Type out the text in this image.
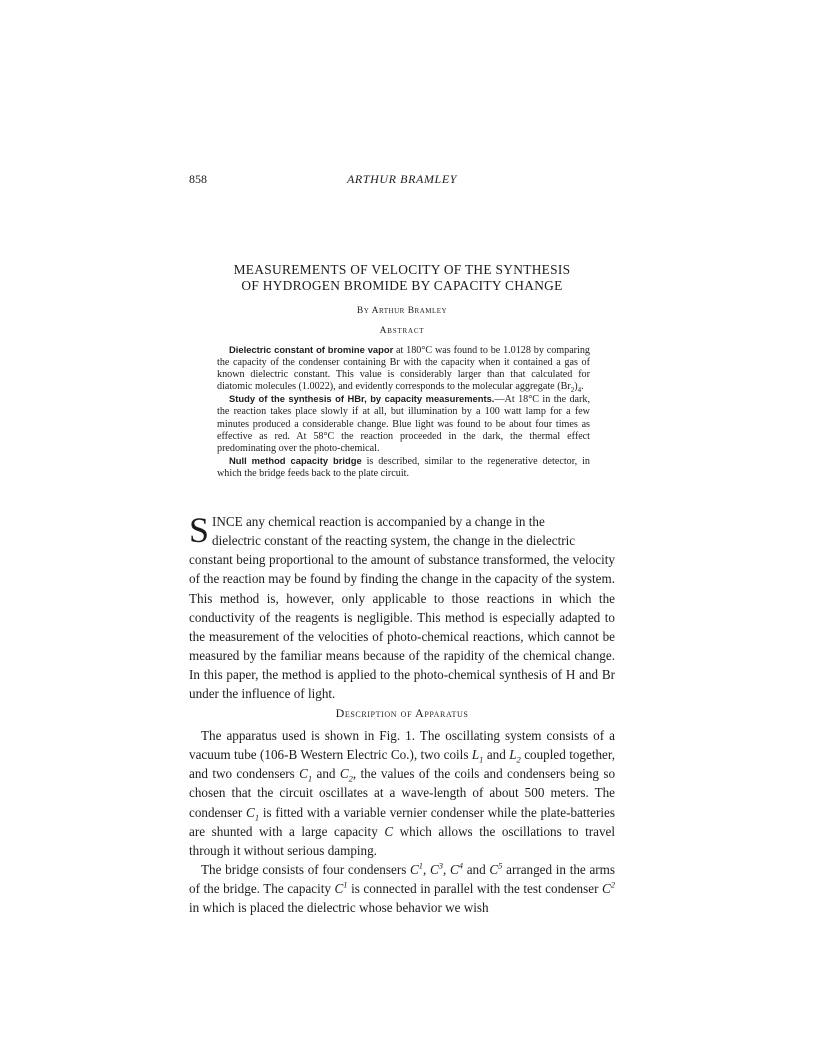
858	ARTHUR BRAMLEY
MEASUREMENTS OF VELOCITY OF THE SYNTHESIS
OF HYDROGEN BROMIDE BY CAPACITY CHANGE
By Arthur Bramley
Abstract

Dielectric constant of bromine vapor at 180°C was found to be 1.0128 by comparing the capacity of the condenser containing Br with the capacity when it contained a gas of known dielectric constant. This value is considerably larger than that calculated for diatomic molecules (1.0022), and evidently corresponds to the molecular aggregate $(Br_2)_4$.

Study of the synthesis of HBr, by capacity measurements.—At 18°C in the dark, the reaction takes place slowly if at all, but illumination by a 100 watt lamp for a few minutes produced a considerable change. Blue light was found to be about four times as effective as red. At 58°C the reaction proceeded in the dark, the thermal effect predominating over the photo-chemical.

Null method capacity bridge is described, similar to the regenerative detector, in which the bridge feeds back to the plate circuit.

S INCE any chemical reaction is accompanied by a change in the
dielectric constant of the reacting system, the change in the dielectric
constant being proportional to the amount of substance transformed, the velocity of the reaction may be found by finding the change in the capacity of the system. This method is, however, only applicable to those reactions in which the conductivity of the reagents is negligible. This method is especially adapted to the measurement of the velocities of photo-chemical reactions, which cannot be measured by the familiar means because of the rapidity of the chemical change. In this paper, the method is applied to the photo-chemical synthesis of H and Br under the influence of light.

Description of Apparatus

The apparatus used is shown in Fig. 1. The oscillating system consists of a vacuum tube (106-B Western Electric Co.), two coils $L_1$ and $L_2$ coupled together, and two condensers $C_1$ and $C_2$, the values of the coils and condensers being so chosen that the circuit oscillates at a wave-length of about 500 meters. The condenser $C_1$ is fitted with a variable vernier condenser while the plate-batteries are shunted with a large capacity C which allows the oscillations to travel through it without serious damping.

The bridge consists of four condensers $C^1$, $C^3$, $C^4$ and $C^5$ arranged in the arms of the bridge. The capacity $C^1$ is connected in parallel with the test condenser $C^2$ in which is placed the dielectric whose behavior we wish
